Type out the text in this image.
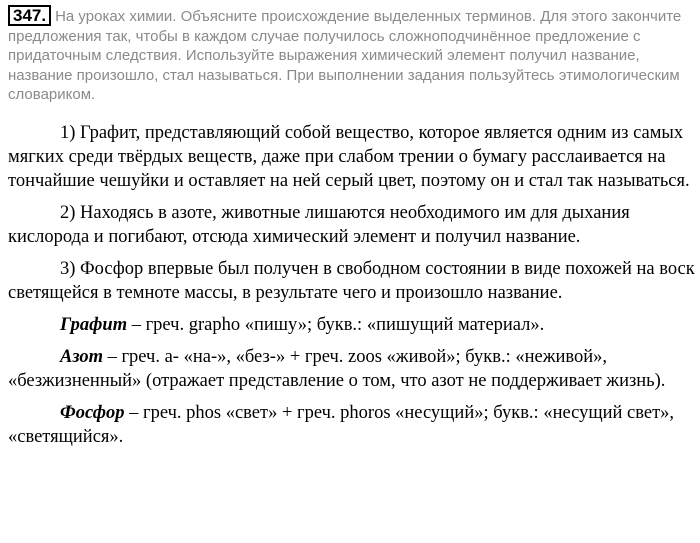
347. На уроках химии. Объясните происхождение выделенных терминов. Для этого закончите предложения так, чтобы в каждом случае получилось сложноподчинённое предложение с придаточным следствия. Используйте выражения химический элемент получил название, название произошло, стал называться. При выполнении задания пользуйтесь этимологическим словариком.

1) Графит, представляющий собой вещество, которое является одним из самых мягких среди твёрдых веществ, даже при слабом трении о бумагу расслаивается на тончайшие чешуйки и оставляет на ней серый цвет, поэтому он и стал так называться.

2) Находясь в азоте, животные лишаются необходимого им для дыхания кислорода и погибают, отсюда химический элемент и получил название.

3) Фосфор впервые был получен в свободном состоянии в виде похожей на воск светящейся в темноте массы, в результате чего и произошло название.

Графит – греч. grapho «пишу»; букв.: «пишущий материал».

Азот – греч. а- «на-», «без-» + греч. zoos «живой»; букв.: «неживой», «безжизненный» (отражает представление о том, что азот не поддерживает жизнь).

Фосфор – греч. phos «свет» + греч. phoros «несущий»; букв.: «несущий свет», «светящийся».
